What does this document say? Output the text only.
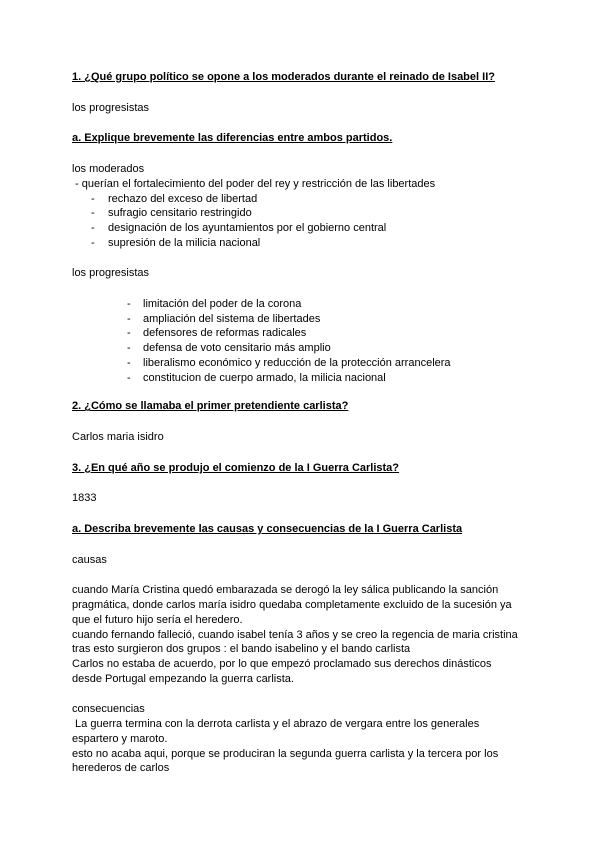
1. ¿Qué grupo político se opone a los moderados durante el reinado de Isabel II?

los progresistas

a. Explique brevemente las diferencias entre ambos partidos.

los moderados

- querían el fortalecimiento del poder del rey y restricción de las libertades

- rechazo del exceso de libertad
- sufragio censitario restringido
- designación de los ayuntamientos por el gobierno central
- supresión de la milicia nacional

los progresistas

- limitación del poder de la corona
- ampliación del sistema de libertades
- defensores de reformas radicales
- defensa de voto censitario más amplio
- liberalismo económico y reducción de la protección arrancelera
- constitucion de cuerpo armado, la milicia nacional

2. ¿Cómo se llamaba el primer pretendiente carlista?

Carlos maria isidro

3. ¿En qué año se produjo el comienzo de la I Guerra Carlista?

1833

a. Describa brevemente las causas y consecuencias de la I Guerra Carlista

causas

cuando María Cristina quedó embarazada se derogó la ley sálica publicando la sanción

pragmática, donde carlos maría isidro quedaba completamente excluido de la sucesión ya

que el futuro hijo sería el heredero.

cuando fernando falleció, cuando isabel tenía 3 años y se creo la regencia de maria cristina

tras esto surgieron dos grupos : el bando isabelino y el bando carlista

Carlos no estaba de acuerdo, por lo que empezó proclamado sus derechos dinásticos

desde Portugal empezando la guerra carlista.

consecuencias

La guerra termina con la derrota carlista y el abrazo de vergara entre los generales

espartero y maroto.

esto no acaba aqui, porque se produciran la segunda guerra carlista y la tercera por los

herederos de carlos
